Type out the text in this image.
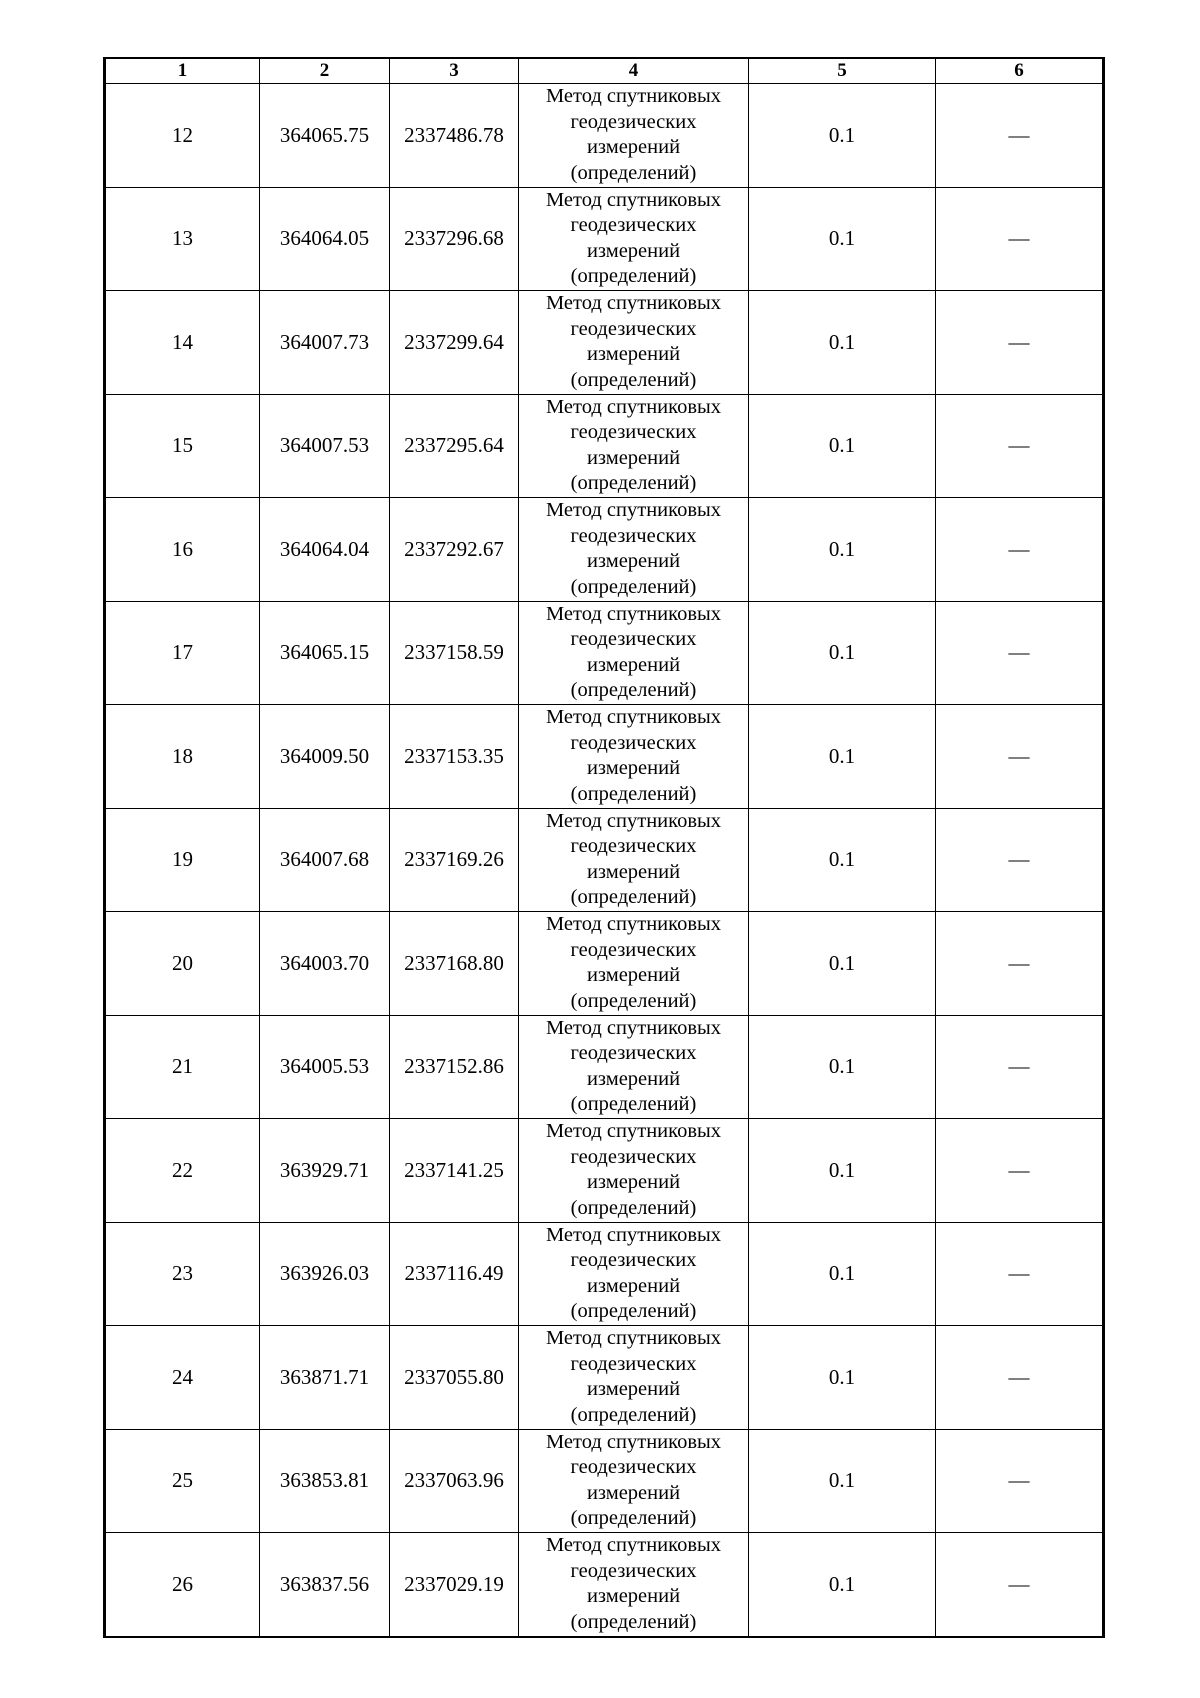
1	2	3	4	5	6
12	364065.75	2337486.78	Метод спутниковых
геодезических
измерений
(определений)	0.1	—
13	364064.05	2337296.68	Метод спутниковых
геодезических
измерений
(определений)	0.1	—
14	364007.73	2337299.64	Метод спутниковых
геодезических
измерений
(определений)	0.1	—
15	364007.53	2337295.64	Метод спутниковых
геодезических
измерений
(определений)	0.1	—
16	364064.04	2337292.67	Метод спутниковых
геодезических
измерений
(определений)	0.1	—
17	364065.15	2337158.59	Метод спутниковых
геодезических
измерений
(определений)	0.1	—
18	364009.50	2337153.35	Метод спутниковых
геодезических
измерений
(определений)	0.1	—
19	364007.68	2337169.26	Метод спутниковых
геодезических
измерений
(определений)	0.1	—
20	364003.70	2337168.80	Метод спутниковых
геодезических
измерений
(определений)	0.1	—
21	364005.53	2337152.86	Метод спутниковых
геодезических
измерений
(определений)	0.1	—
22	363929.71	2337141.25	Метод спутниковых
геодезических
измерений
(определений)	0.1	—
23	363926.03	2337116.49	Метод спутниковых
геодезических
измерений
(определений)	0.1	—
24	363871.71	2337055.80	Метод спутниковых
геодезических
измерений
(определений)	0.1	—
25	363853.81	2337063.96	Метод спутниковых
геодезических
измерений
(определений)	0.1	—
26	363837.56	2337029.19	Метод спутниковых
геодезических
измерений
(определений)	0.1	—
